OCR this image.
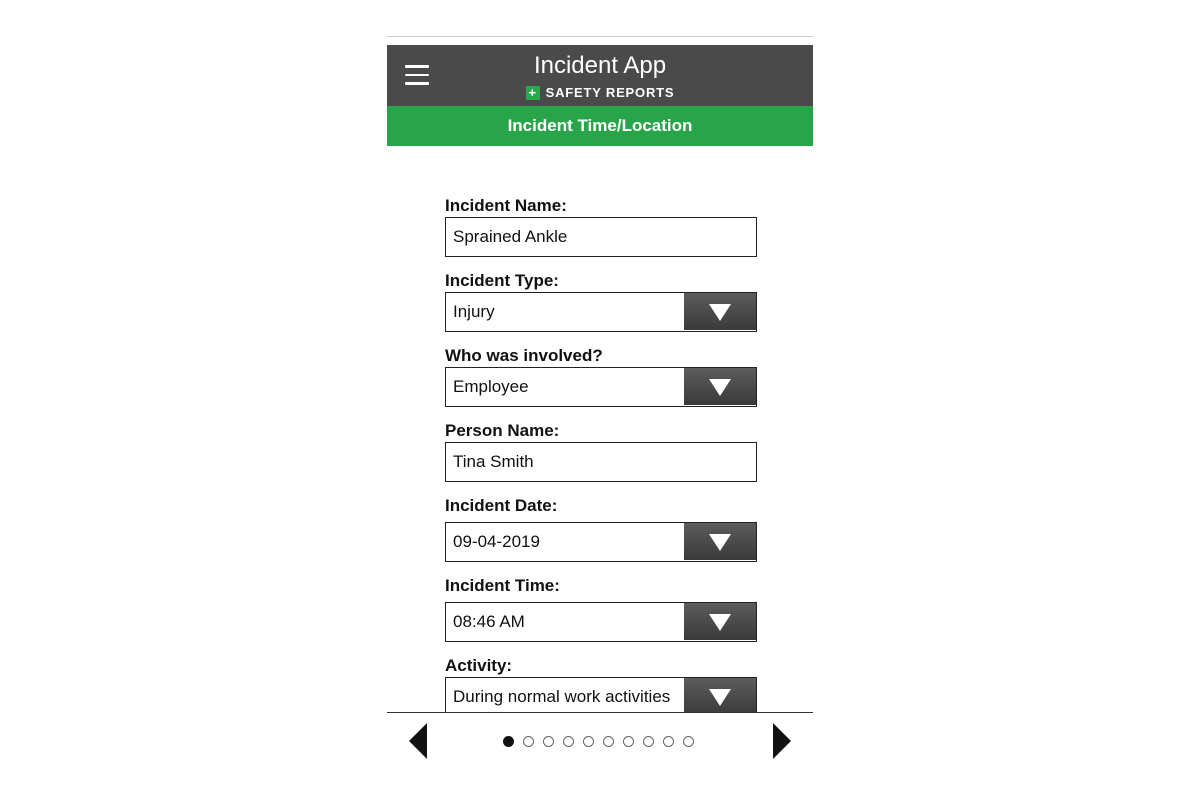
Incident App
+ SAFETY REPORTS
Incident Time/Location
Incident Name:
Sprained Ankle
Incident Type:
Injury
Who was involved?
Employee
Person Name:
Tina Smith
Incident Date:
09-04-2019
Incident Time:
08:46 AM
Activity:
During normal work activities
